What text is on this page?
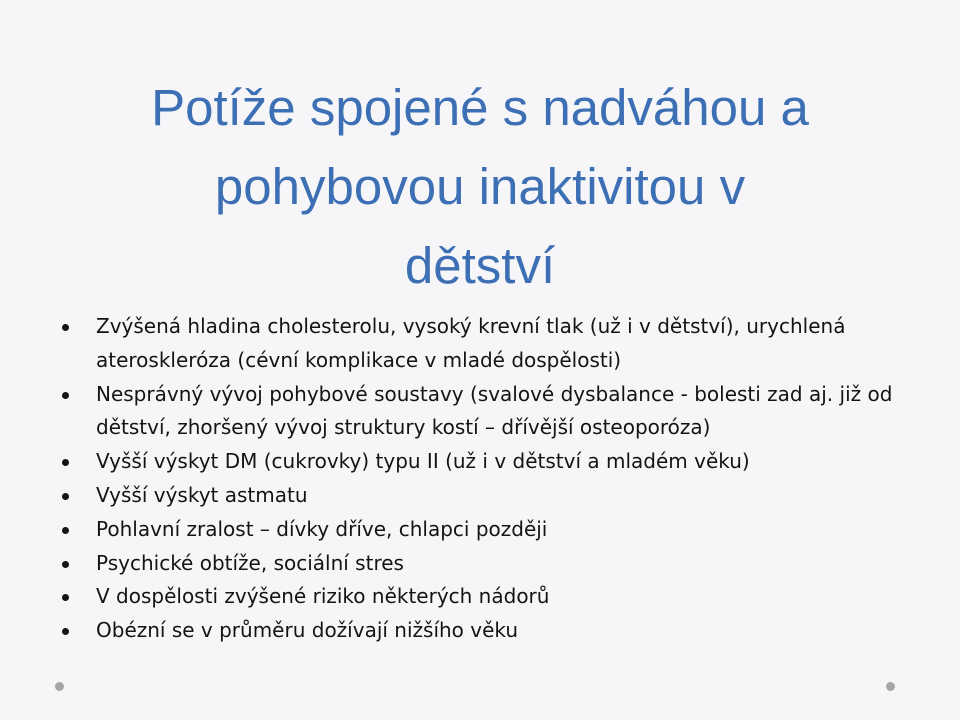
Potíže spojené s nadváhou a
pohybovou inaktivitou v
dětství
Zvýšená hladina cholesterolu, vysoký krevní tlak (už i v dětství), urychlená ateroskleróza (cévní komplikace v mladé dospělosti)
Nesprávný vývoj pohybové soustavy (svalové dysbalance - bolesti zad aj. již od dětství, zhoršený vývoj struktury kostí – dřívější osteoporóza)
Vyšší výskyt DM (cukrovky) typu II (už i v dětství a mladém věku)
Vyšší výskyt astmatu
Pohlavní zralost – dívky dříve, chlapci později
Psychické obtíže, sociální stres
V dospělosti zvýšené riziko některých nádorů
Obézní se v průměru dožívají nižšího věku
